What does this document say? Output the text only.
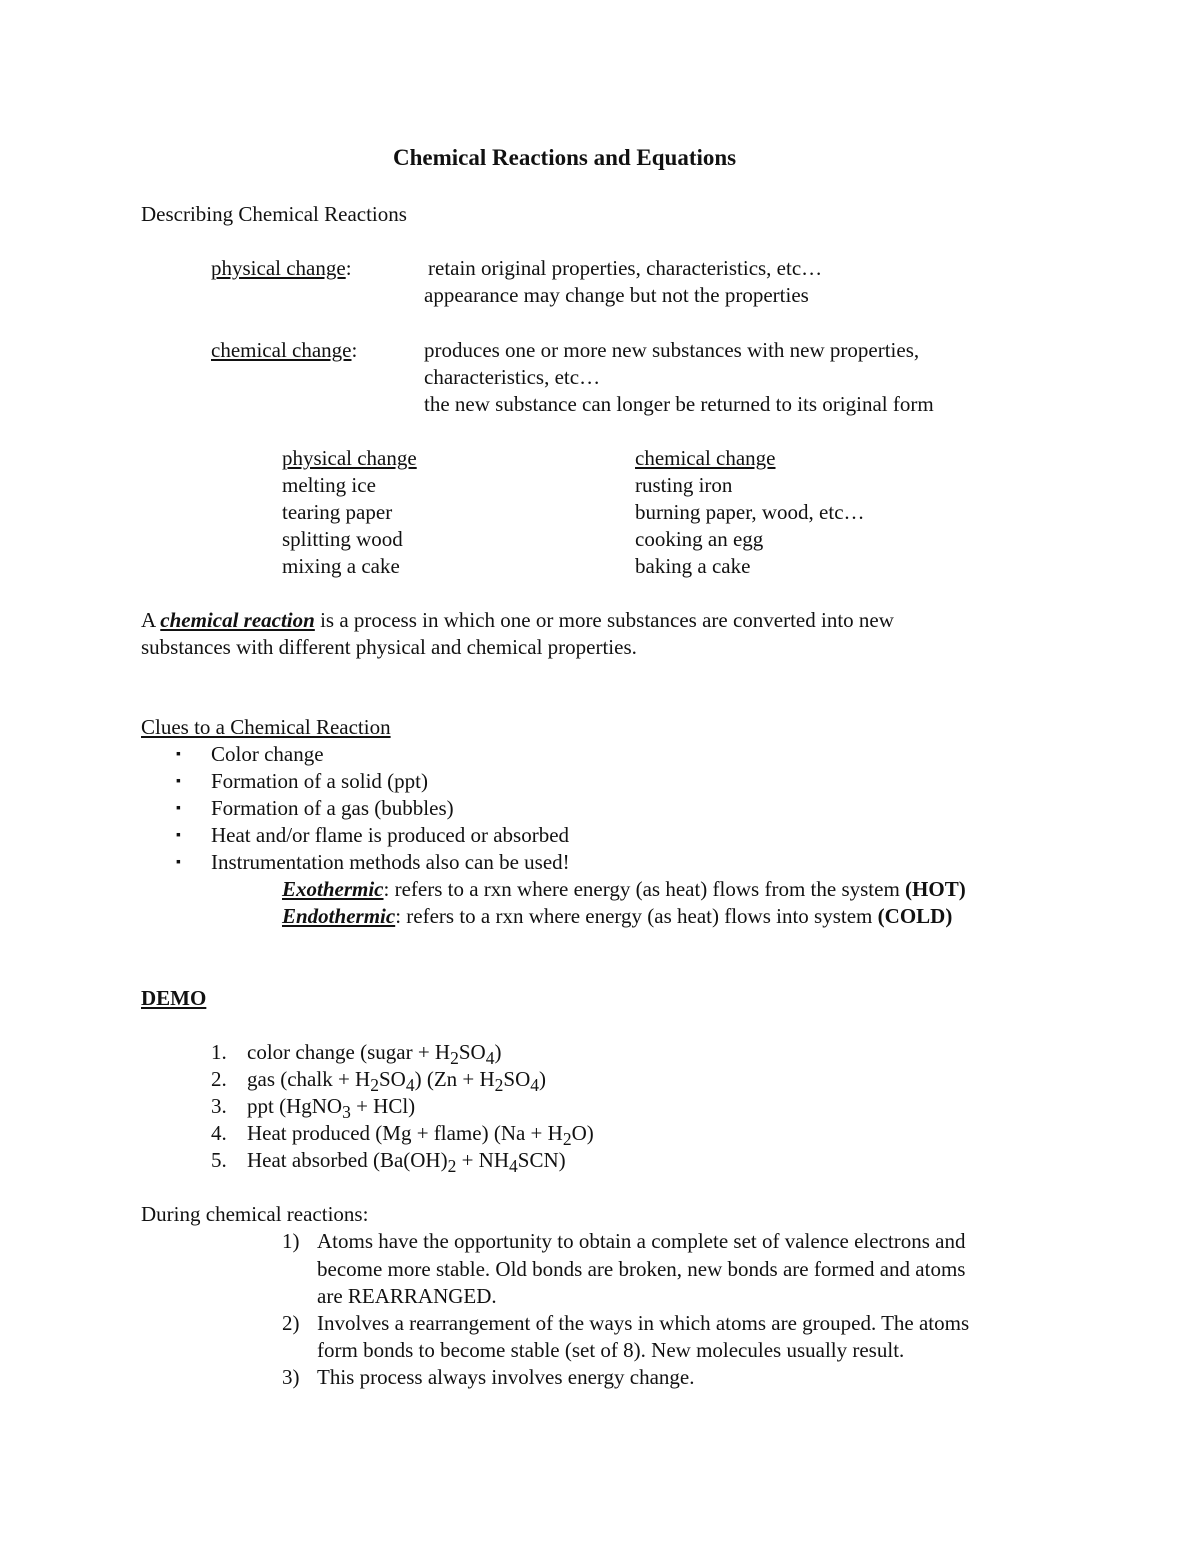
Chemical Reactions and Equations
Describing Chemical Reactions
physical change:	retain original properties, characteristics, etc…
appearance may change but not the properties
chemical change:	produces one or more new substances with new properties,
characteristics, etc…
the new substance can longer be returned to its original form
physical change	chemical change
melting ice	rusting iron
tearing paper	burning paper, wood, etc…
splitting wood	cooking an egg
mixing a cake	baking a cake
A chemical reaction is a process in which one or more substances are converted into new
substances with different physical and chemical properties.
Clues to a Chemical Reaction
▪ Color change
▪ Formation of a solid (ppt)
▪ Formation of a gas (bubbles)
▪ Heat and/or flame is produced or absorbed
▪ Instrumentation methods also can be used!
Exothermic: refers to a rxn where energy (as heat) flows from the system (HOT)
Endothermic: refers to a rxn where energy (as heat) flows into system (COLD)
DEMO
1. color change (sugar + $H_2SO_4$)
2. gas (chalk + $H_2SO_4$) $(Zn + H_2SO_4)$
3. ppt (HgNO$_3$ + HCl)
4. Heat produced (Mg + flame) $(Na + H_2O)$
5. Heat absorbed $(Ba(OH)_2 + NH_4SCN)$
During chemical reactions:
1) Atoms have the opportunity to obtain a complete set of valence electrons and
become more stable. Old bonds are broken, new bonds are formed and atoms
are REARRANGED.
2) Involves a rearrangement of the ways in which atoms are grouped. The atoms
form bonds to become stable (set of 8). New molecules usually result.
3) This process always involves energy change.
